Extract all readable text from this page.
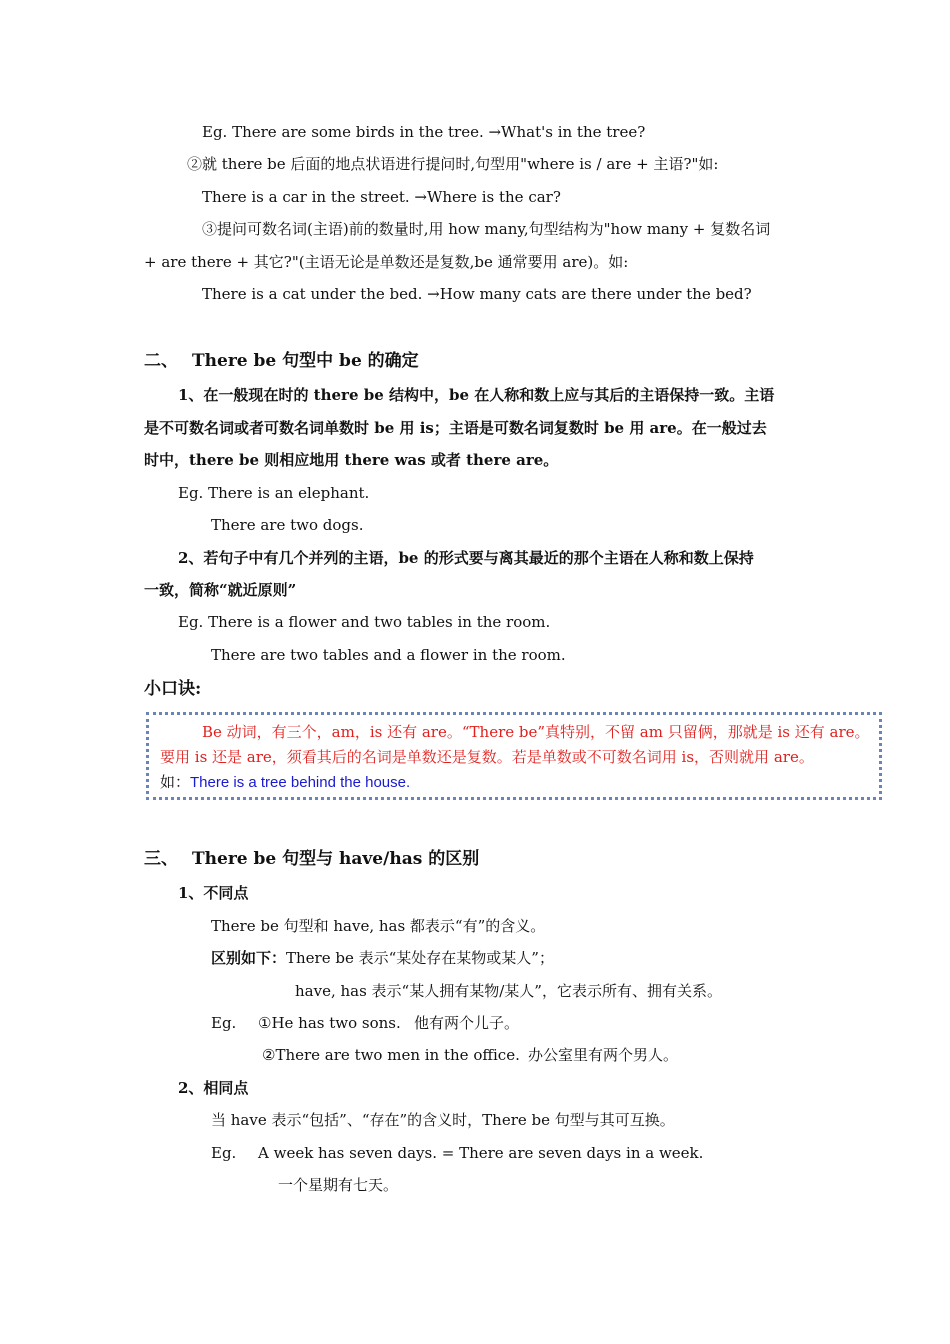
Eg. There are some birds in the tree. →What's in the tree?
②就 there be 后面的地点状语进行提问时,句型用"where is / are + 主语?"如:
There is a car in the street. →Where is the car?
③提问可数名词(主语)前的数量时,用 how many,句型结构为"how many + 复数名词
+ are there + 其它?"(主语无论是单数还是复数,be 通常要用 are)。如:
There is a cat under the bed. →How many cats are there under the bed?
二、 There be 句型中 be 的确定
1、在一般现在时的 there be 结构中，be 在人称和数上应与其后的主语保持一致。主语
是不可数名词或者可数名词单数时 be 用 is；主语是可数名词复数时 be 用 are。在一般过去
时中，there be 则相应地用 there was 或者 there are。
Eg. There is an elephant.
There are two dogs.
2、若句子中有几个并列的主语，be 的形式要与离其最近的那个主语在人称和数上保持
一致，简称“就近原则”
Eg. There is a flower and two tables in the room.
There are two tables and a flower in the room.
小口诀:
Be 动词，有三个，am，is 还有 are。“There be”真特别，不留 am 只留俩，那就是 is 还有 are。
要用 is 还是 are，须看其后的名词是单数还是复数。若是单数或不可数名词用 is，否则就用 are。
如：There is a tree behind the house.
三、 There be 句型与 have/has 的区别
1、不同点
There be 句型和 have, has 都表示“有”的含义。
区别如下：There be 表示“某处存在某物或某人”；
have, has 表示“某人拥有某物/某人”，它表示所有、拥有关系。
Eg. ①He has two sons. 他有两个儿子。
②There are two men in the office. 办公室里有两个男人。
2、相同点
当 have 表示“包括”、“存在”的含义时，There be 句型与其可互换。
Eg. A week has seven days. = There are seven days in a week.
一个星期有七天。
